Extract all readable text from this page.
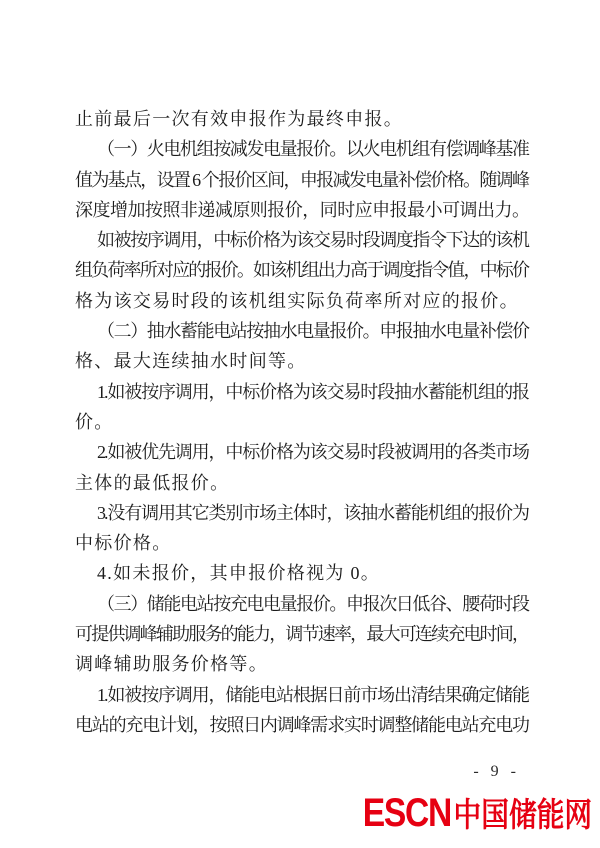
止前最后一次有效申报作为最终申报。
（一）火电机组按减发电量报价。以火电机组有偿调峰基准
值为基点，设置 6 个报价区间，申报减发电量补偿价格。随调峰
深度增加按照非递减原则报价，同时应申报最小可调出力。
如被按序调用，中标价格为该交易时段调度指令下达的该机
组负荷率所对应的报价。如该机组出力高于调度指令值，中标价
格为该交易时段的该机组实际负荷率所对应的报价。
（二）抽水蓄能电站按抽水电量报价。申报抽水电量补偿价
格、最大连续抽水时间等。
1.如被按序调用，中标价格为该交易时段抽水蓄能机组的报
价。
2.如被优先调用，中标价格为该交易时段被调用的各类市场
主体的最低报价。
3.没有调用其它类别市场主体时，该抽水蓄能机组的报价为
中标价格。
4.如未报价，其申报价格视为 0。
（三）储能电站按充电电量报价。申报次日低谷、腰荷时段
可提供调峰辅助服务的能力，调节速率，最大可连续充电时间，
调峰辅助服务价格等。
1.如被按序调用，储能电站根据日前市场出清结果确定储能
电站的充电计划，按照日内调峰需求实时调整储能电站充电功
- 9 -
ESCN 中国储能网
